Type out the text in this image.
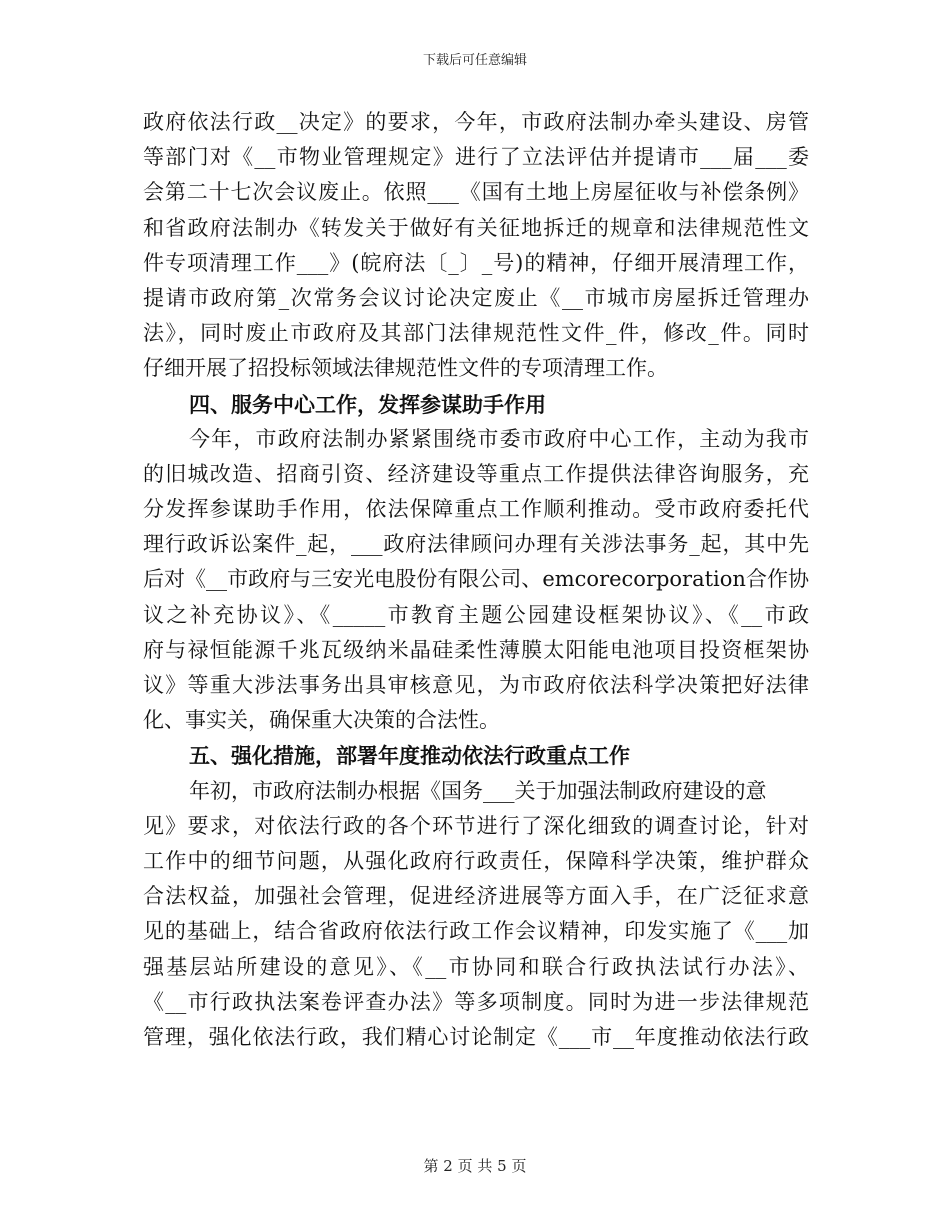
下载后可任意编辑
政府依法行政__决定》的要求，今年，市政府法制办牵头建设、房管
等部门对《__市物业管理规定》进行了立法评估并提请市___届___委
会第二十七次会议废止。依照___《国有土地上房屋征收与补偿条例》
和省政府法制办《转发关于做好有关征地拆迁的规章和法律规范性文
件专项清理工作___》(皖府法〔_〕_号)的精神，仔细开展清理工作，
提请市政府第_次常务会议讨论决定废止《__市城市房屋拆迁管理办
法》，同时废止市政府及其部门法律规范性文件_件，修改_件。同时
仔细开展了招投标领域法律规范性文件的专项清理工作。
四、服务中心工作，发挥参谋助手作用
今年，市政府法制办紧紧围绕市委市政府中心工作，主动为我市
的旧城改造、招商引资、经济建设等重点工作提供法律咨询服务，充
分发挥参谋助手作用，依法保障重点工作顺利推动。受市政府委托代
理行政诉讼案件_起，___政府法律顾问办理有关涉法事务_起，其中先
后对《__市政府与三安光电股份有限公司、emcorecorporation合作协
议之补充协议》、《_____市教育主题公园建设框架协议》、《__市政
府与禄恒能源千兆瓦级纳米晶硅柔性薄膜太阳能电池项目投资框架协
议》等重大涉法事务出具审核意见，为市政府依法科学决策把好法律
化、事实关，确保重大决策的合法性。
五、强化措施，部署年度推动依法行政重点工作
年初，市政府法制办根据《国务___关于加强法制政府建设的意
见》要求，对依法行政的各个环节进行了深化细致的调查讨论，针对
工作中的细节问题，从强化政府行政责任，保障科学决策，维护群众
合法权益，加强社会管理，促进经济进展等方面入手，在广泛征求意
见的基础上，结合省政府依法行政工作会议精神，印发实施了《___加
强基层站所建设的意见》、《__市协同和联合行政执法试行办法》、
《__市行政执法案卷评查办法》等多项制度。同时为进一步法律规范
管理，强化依法行政，我们精心讨论制定《___市__年度推动依法行政
第 2 页 共 5 页
